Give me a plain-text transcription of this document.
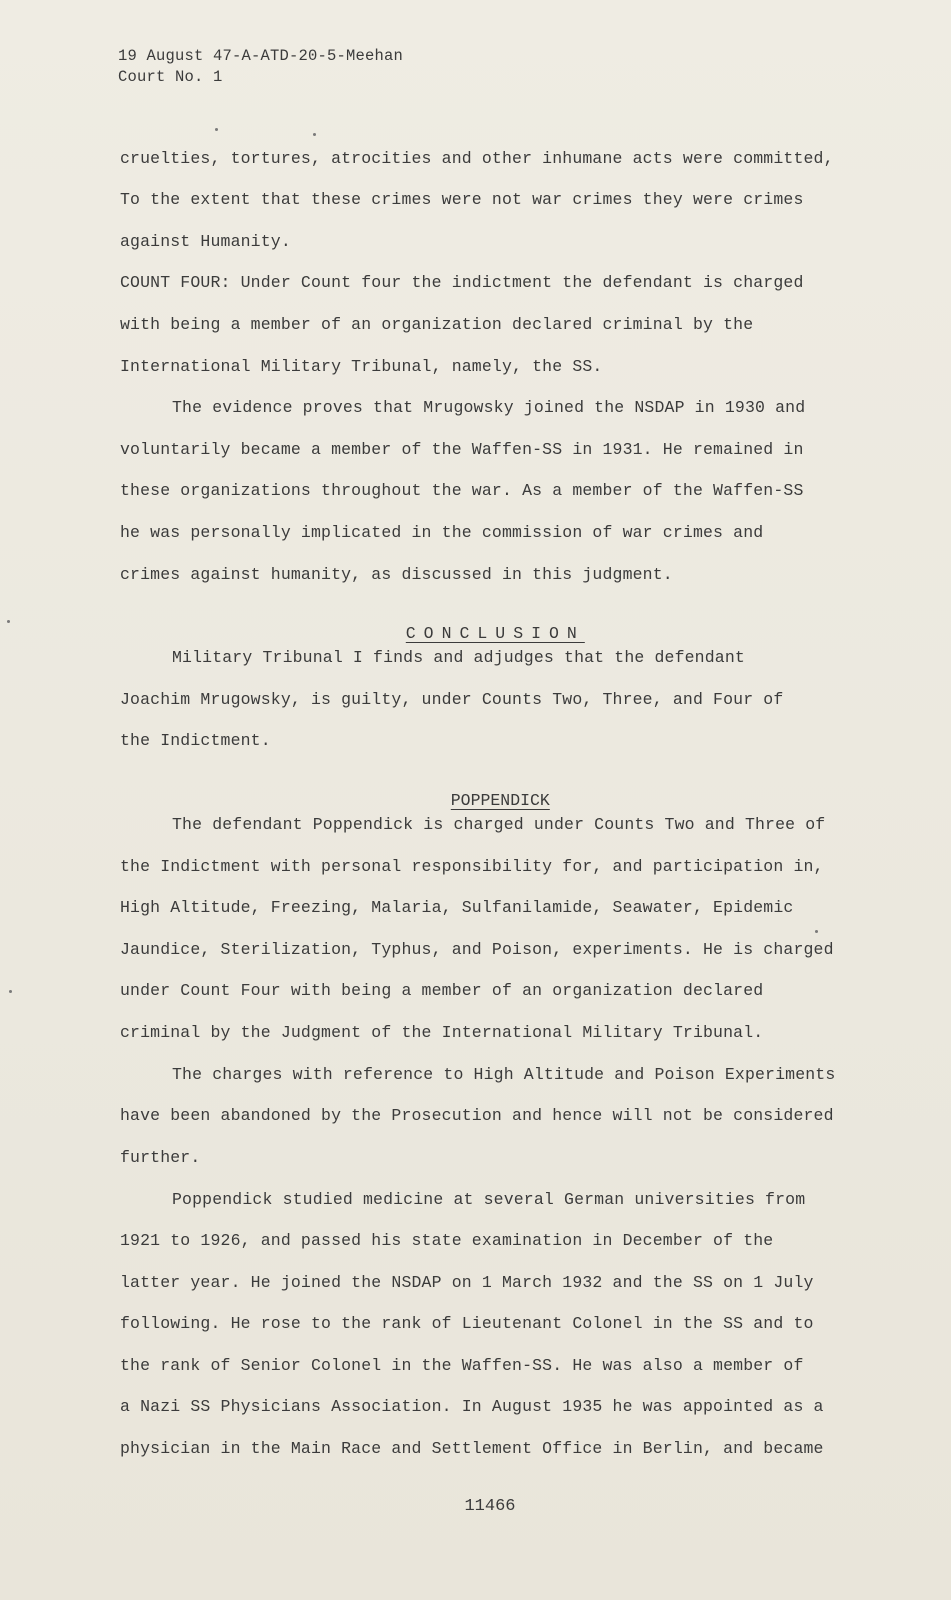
19 August 47-A-ATD-20-5-Meehan
Court No. 1
cruelties, tortures, atrocities and other inhumane acts were committed,
To the extent that these crimes were not war crimes they were crimes
against Humanity.
COUNT FOUR: Under Count four the indictment the defendant is charged
with being a member of an organization declared criminal by the
International Military Tribunal, namely, the SS.
The evidence proves that Mrugowsky joined the NSDAP in 1930 and
voluntarily became a member of the Waffen-SS in 1931. He remained in
these organizations throughout the war. As a member of the Waffen-SS
he was personally implicated in the commission of war crimes and
crimes against humanity, as discussed in this judgment.

CONCLUSION

Military Tribunal I finds and adjudges that the defendant
Joachim Mrugowsky, is guilty, under Counts Two, Three, and Four of
the Indictment.

POPPENDICK

The defendant Poppendick is charged under Counts Two and Three of
the Indictment with personal responsibility for, and participation in,
High Altitude, Freezing, Malaria, Sulfanilamide, Seawater, Epidemic
Jaundice, Sterilization, Typhus, and Poison, experiments. He is charged
under Count Four with being a member of an organization declared
criminal by the Judgment of the International Military Tribunal.
The charges with reference to High Altitude and Poison Experiments
have been abandoned by the Prosecution and hence will not be considered
further.
Poppendick studied medicine at several German universities from
1921 to 1926, and passed his state examination in December of the
latter year. He joined the NSDAP on 1 March 1932 and the SS on 1 July
following. He rose to the rank of Lieutenant Colonel in the SS and to
the rank of Senior Colonel in the Waffen-SS. He was also a member of
a Nazi SS Physicians Association. In August 1935 he was appointed as a
physician in the Main Race and Settlement Office in Berlin, and became
11466
